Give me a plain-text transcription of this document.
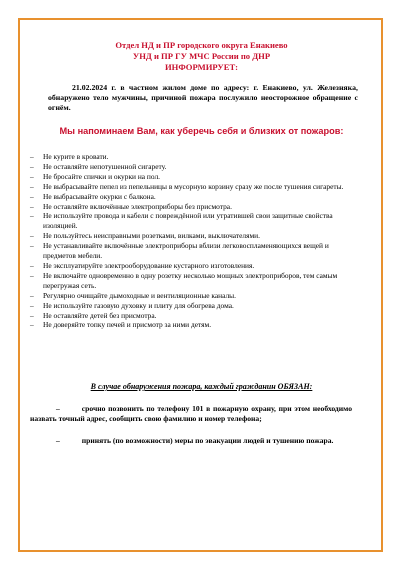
Отдел НД и ПР городского округа Енакиево
УНД и ПР ГУ МЧС России по ДНР
ИНФОРМИРУЕТ:
21.02.2024 г. в частном жилом доме по адресу: г. Енакиево, ул. Железнякa, обнаружено тело мужчины, причиной пожара послужило неосторожное обращение с огнём.
Мы напоминаем Вам, как уберечь себя и близких от пожаров:
– Не курите в кровати.
– Не оставляйте непотушенной сигарету.
– Не бросайте спички и окурки на пол.
– Не выбрасывайте пепел из пепельницы в мусорную корзину сразу же после тушения сигареты.
– Не выбрасывайте окурки с балкона.
– Не оставляйте включённые электроприборы без присмотра.
– Не используйте провода и кабели с повреждённой или утратившей свои защитные свойства изоляцией.
– Не пользуйтесь неисправными розетками, вилками, выключателями.
– Не устанавливайте включённые электроприборы вблизи легковоспламеняющихся вещей и предметов мебели.
– Не эксплуатируйте электрооборудование кустарного изготовления.
– Не включайте одновременно в одну розетку несколько мощных электроприборов, тем самым перегружая сеть.
– Регулярно очищайте дымоходные и вентиляционные каналы.
– Не используйте газовую духовку и плиту для обогрева дома.
– Не оставляйте детей без присмотра.
– Не доверяйте топку печей и присмотр за ними детям.
В случае обнаружения пожара, каждый гражданин ОБЯЗАН:
–	срочно позвонить по телефону 101 в пожарную охрану, при этом необходимо назвать точный адрес, сообщить свою фамилию и номер телефона;
–	принять (по возможности) меры по эвакуации людей и тушению пожара.
